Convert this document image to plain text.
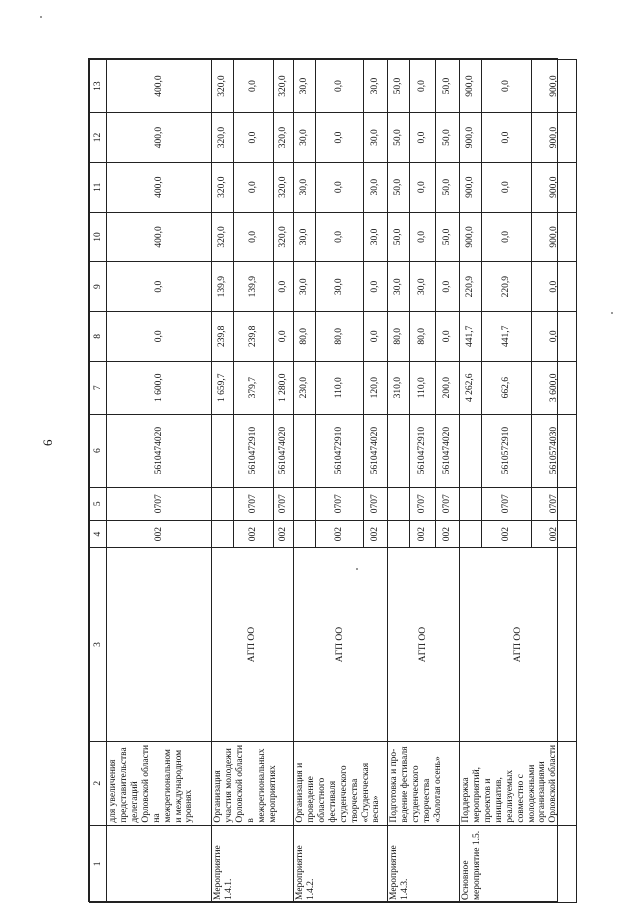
6
1	2	3	4	5	6	7	8	9	10	11	12	13
	для увеличения представительства делегаций Орловской области на межрегиональном и международном уровнях		002	0707	5610474020	1 600,0	0,0	0,0	400,0	400,0	400,0	400,0
Мероприятие 1.4.1.	Организация участия молодежи Орловской области в межрегиональных мероприятиях	АГП ОО				1 659,7	239,8	139,9	320,0	320,0	320,0	320,0
			002	0707	5610472910	379,7	239,8	139,9	0,0	0,0	0,0	0,0
			002	0707	5610474020	1 280,0	0,0	0,0	320,0	320,0	320,0	320,0
Мероприятие 1.4.2.	Организация и проведение областного фестиваля студенческого творчества «Студенческая весна»	АГП ОО				230,0	80,0	30,0	30,0	30,0	30,0	30,0
			002	0707	5610472910	110,0	80,0	30,0	0,0	0,0	0,0	0,0
			002	0707	5610474020	120,0	0,0	0,0	30,0	30,0	30,0	30,0
Мероприятие 1.4.3.	Подготовка и про-ведение фестиваля студенческого творчества «Золотая осень»	АГП ОО				310,0	80,0	30,0	50,0	50,0	50,0	50,0
			002	0707	5610472910	110,0	80,0	30,0	0,0	0,0	0,0	0,0
			002	0707	5610474020	200,0	0,0	0,0	50,0	50,0	50,0	50,0
Основное мероприятие 1.5.	Поддержка мероприятий, проектов и инициатив, реализуемых совместно с молодежными организациями Орловской области	АГП ОО				4 262,6	441,7	220,9	900,0	900,0	900,0	900,0
			002	0707	5610572910	662,6	441,7	220,9	0,0	0,0	0,0	0,0
			002	0707	5610574030	3 600,0	0,0	0,0	900,0	900,0	900,0	900,0
